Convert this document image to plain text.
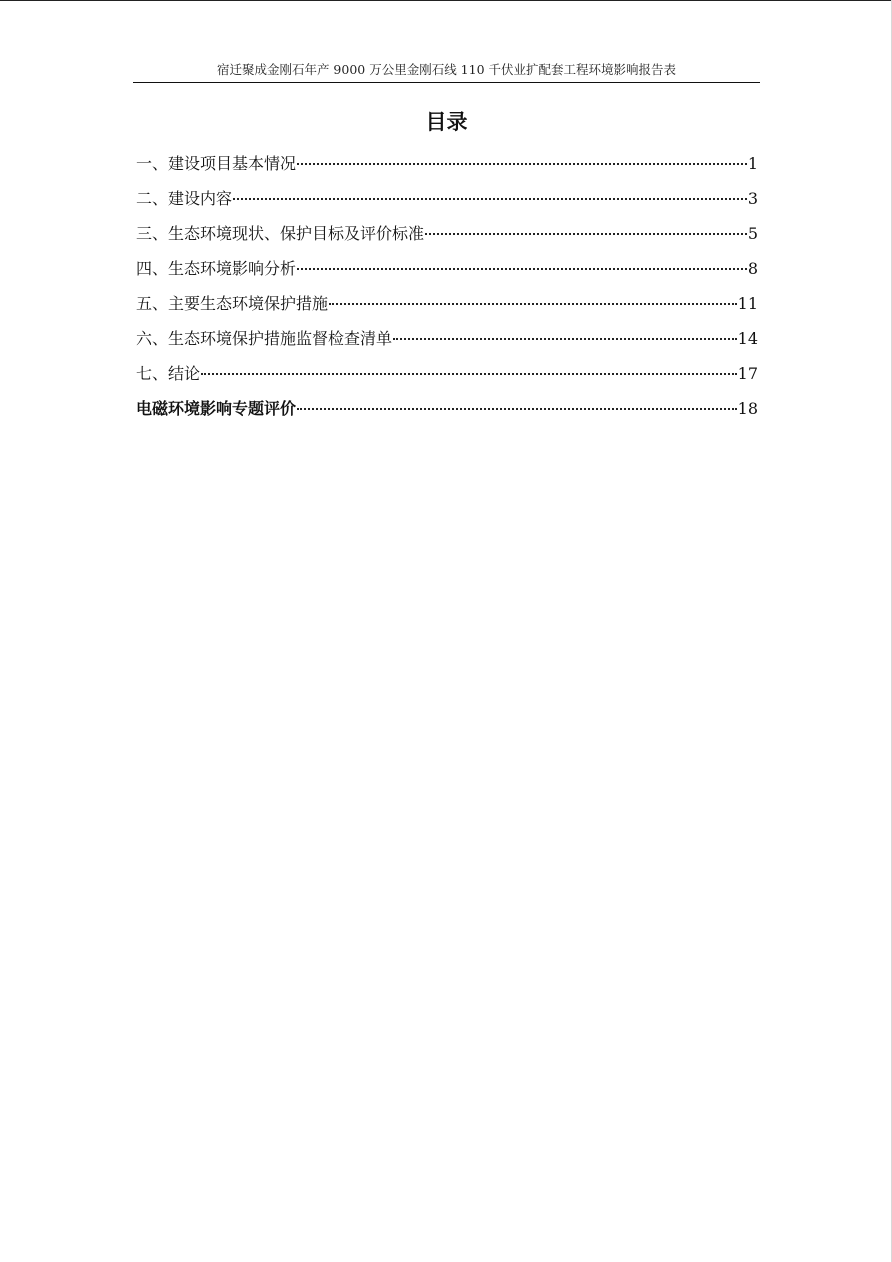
宿迁聚成金刚石年产 9000 万公里金刚石线 110 千伏业扩配套工程环境影响报告表
目录
一、建设项目基本情况	1
二、建设内容	3
三、生态环境现状、保护目标及评价标准	5
四、生态环境影响分析	8
五、主要生态环境保护措施	11
六、生态环境保护措施监督检查清单	14
七、结论	17
电磁环境影响专题评价	18
